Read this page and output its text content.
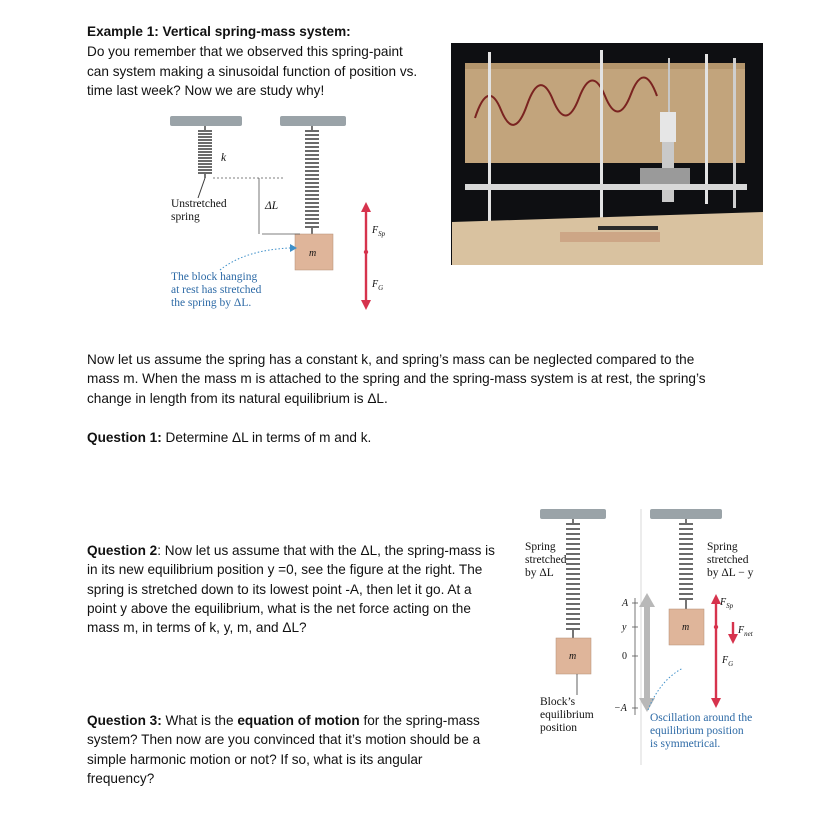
Example 1: Vertical spring-mass system:
Do you remember that we observed this spring-paint
can system making a sinusoidal function of position vs.
time last week? Now we are study why!
k
Unstretched
spring
ΔL
m
$F_{Sp}$
$F_G$
The block hanging
at rest has stretched
the spring by ΔL.
Now let us assume the spring has a constant k, and spring’s mass can be neglected compared to the
mass m. When the mass m is attached to the spring and the spring-mass system is at rest, the spring’s
change in length from its natural equilibrium is ΔL.
Question 1: Determine ΔL in terms of m and k.
Question 2: Now let us assume that with the ΔL, the spring-mass is
in its new equilibrium position y =0, see the figure at the right. The
spring is stretched down to its lowest point -A, then let it go. At a
point y above the equilibrium, what is the net force acting on the
mass m, in terms of k, y, m, and ΔL?
Question 3: What is the equation of motion for the spring-mass
system? Then now are you convinced that it’s motion should be a
simple harmonic motion or not? If so, what is its angular
frequency?
Spring
stretched
by ΔL
Spring
stretched
by ΔL − y
A
y
0
−A
m
m
$F_{Sp}$
$F_{net}$
$F_G$
Block’s
equilibrium
position
Oscillation around the
equilibrium position
is symmetrical.
